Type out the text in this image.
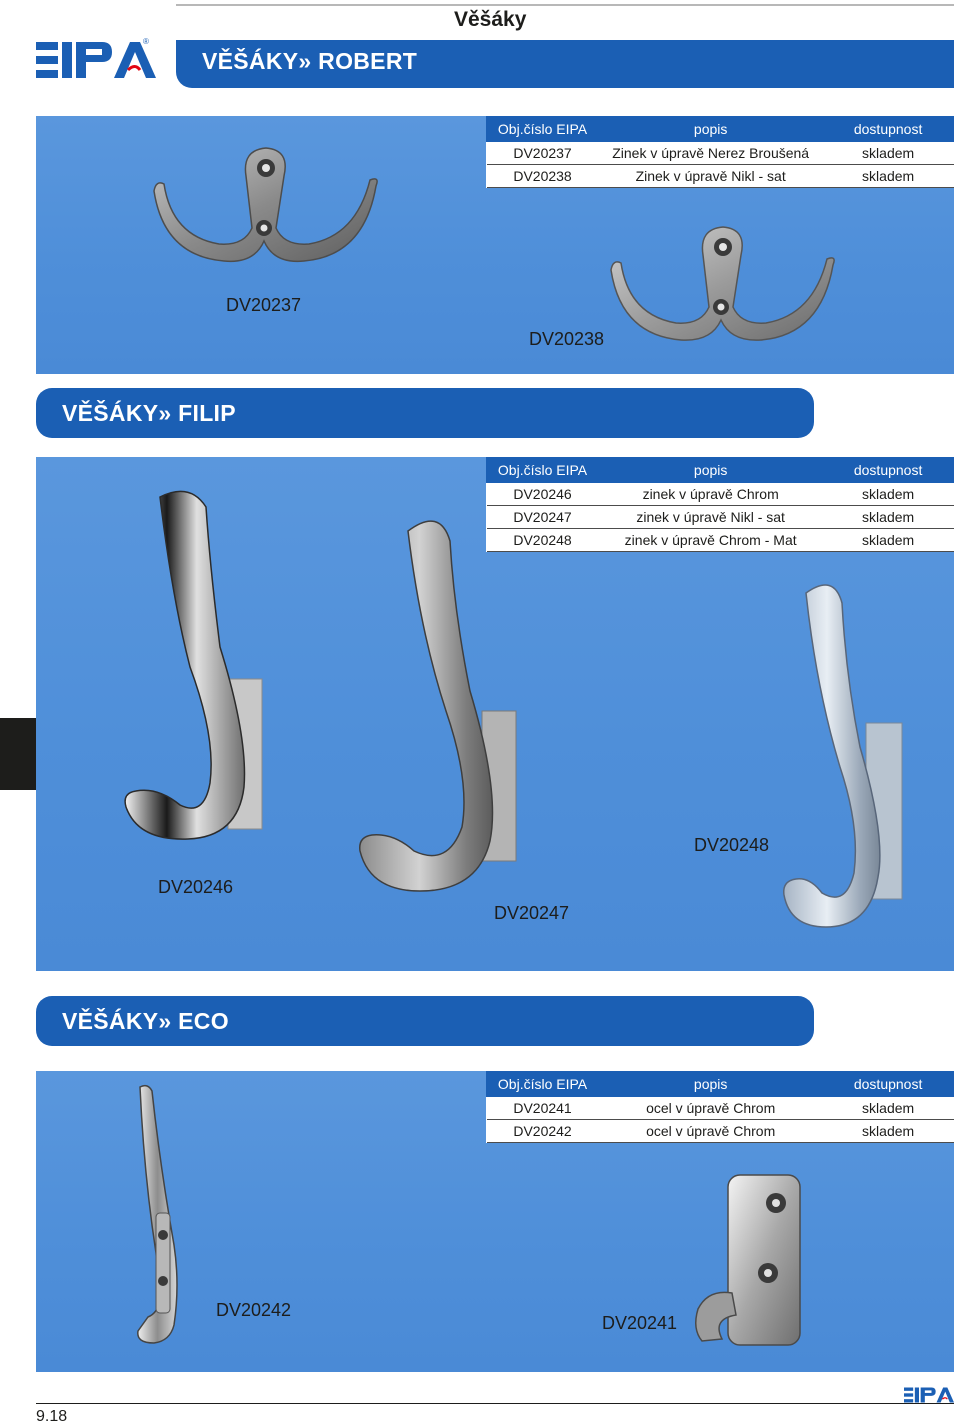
®
Věšáky
VĚŠÁKY» ROBERT
Obj.číslo EIPA	popis	dostupnost
DV20237	Zinek v úpravě Nerez Broušená	skladem
DV20238	Zinek v úpravě Nikl - sat	skladem
DV20237
DV20238
VĚŠÁKY» FILIP
Obj.číslo EIPA	popis	dostupnost
DV20246	zinek v úpravě Chrom	skladem
DV20247	zinek v úpravě Nikl - sat	skladem
DV20248	zinek v úpravě Chrom - Mat	skladem
DV20246
DV20247
DV20248
VĚŠÁKY» ECO
Obj.číslo EIPA	popis	dostupnost
DV20241	ocel v úpravě Chrom	skladem
DV20242	ocel v úpravě Chrom	skladem
DV20242
DV20241
9.18
